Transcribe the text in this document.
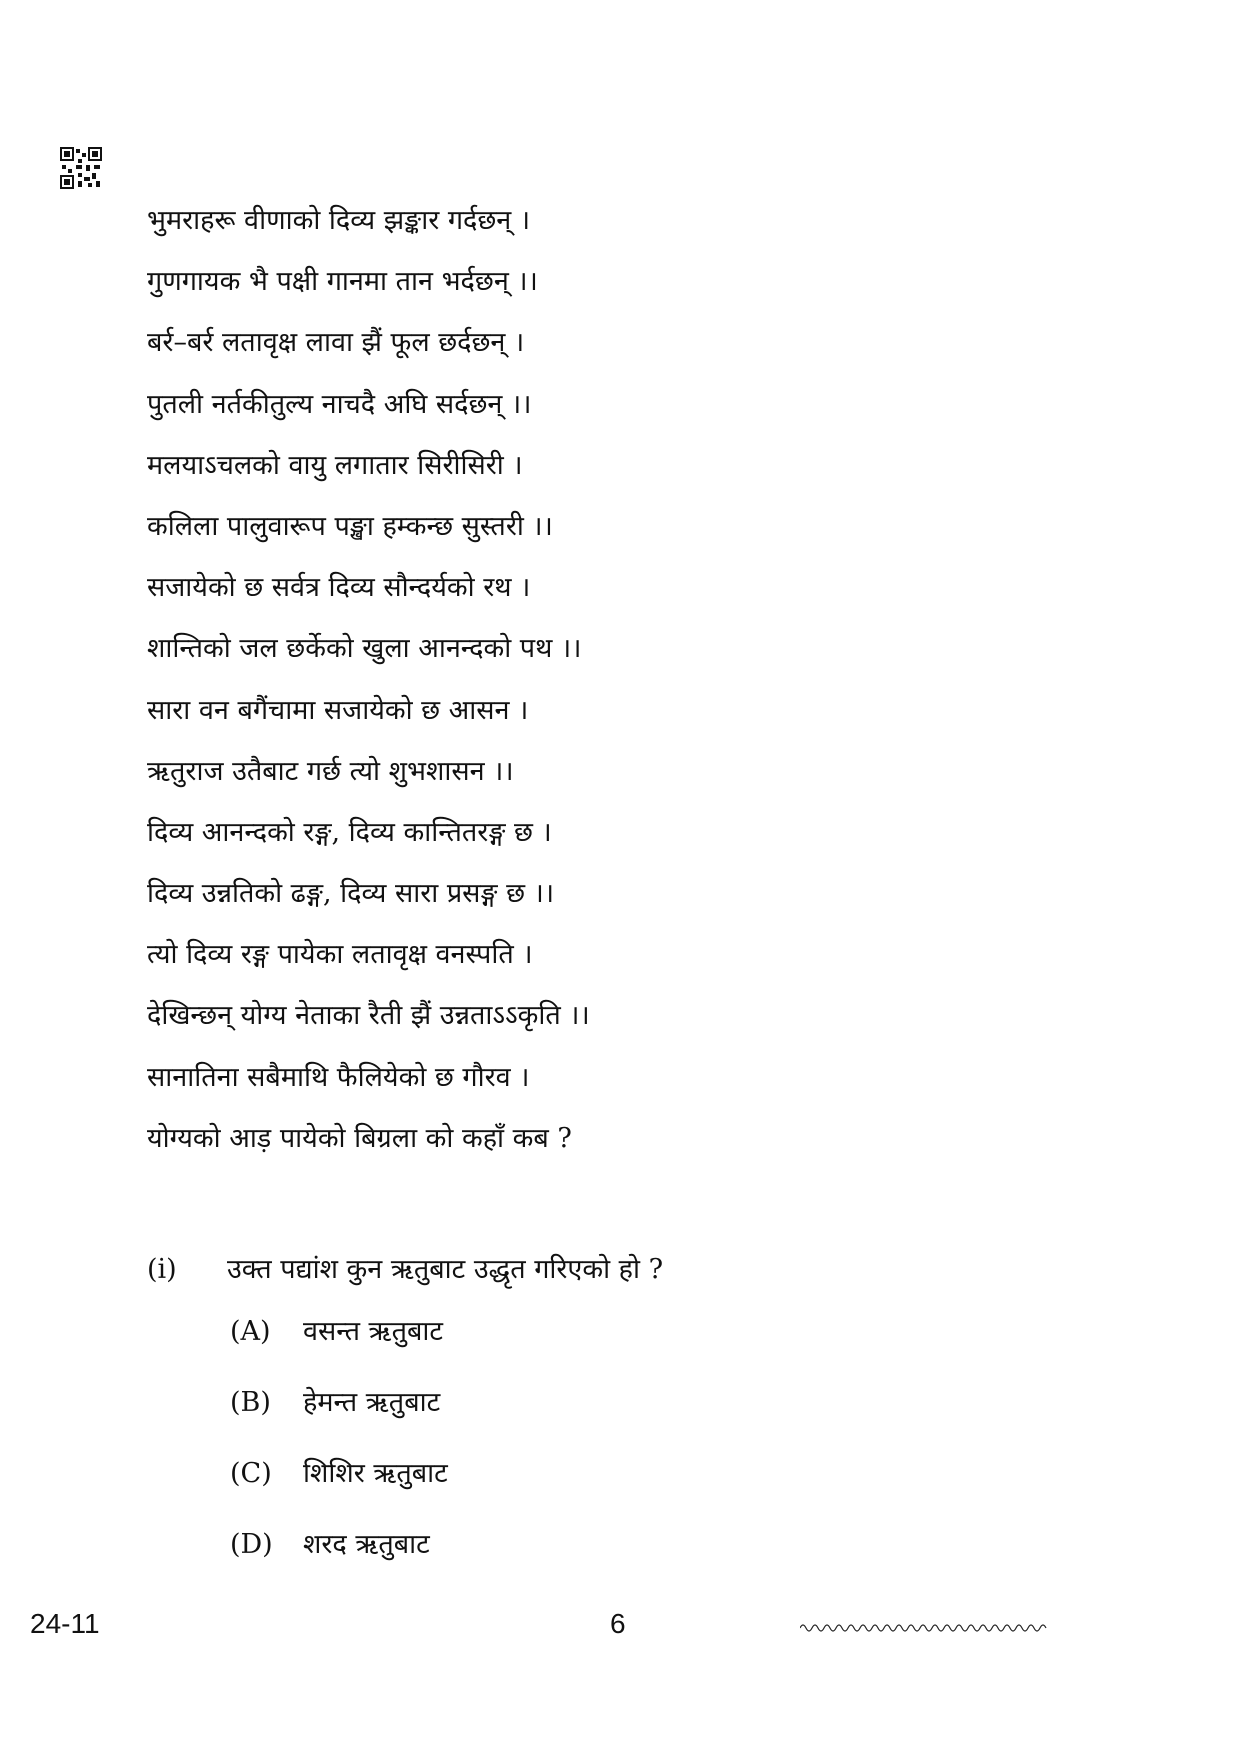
भुमराहरू वीणाको दिव्य झङ्कार गर्दछन् ।
गुणगायक भै पक्षी गानमा तान भर्दछन् ।।
बर्र–बर्र लतावृक्ष लावा झैं फूल छर्दछन् ।
पुतली नर्तकीतुल्य नाचदै अघि सर्दछन् ।।
मलयाऽचलको वायु लगातार सिरीसिरी ।
कलिला पालुवारूप पङ्खा हम्कन्छ सुस्तरी ।।
सजायेको छ सर्वत्र दिव्य सौन्दर्यको रथ ।
शान्तिको जल छर्केको खुला आनन्दको पथ ।।
सारा वन बगैंचामा सजायेको छ आसन ।
ऋतुराज उतैबाट गर्छ त्यो शुभशासन ।।
दिव्य आनन्दको रङ्ग, दिव्य कान्तितरङ्ग छ ।
दिव्य उन्नतिको ढङ्ग, दिव्य सारा प्रसङ्ग छ ।।
त्यो दिव्य रङ्ग पायेका लतावृक्ष वनस्पति ।
देखिन्छन् योग्य नेताका रैती झैं उन्नताऽऽकृति ।।
सानातिना सबैमाथि फैलियेको छ गौरव ।
योग्यको आड़ पायेको बिग्रला को कहाँ कब ?
(i) उक्त पद्यांश कुन ऋतुबाट उद्धृत गरिएको हो ?
(A) वसन्त ऋतुबाट
(B) हेमन्त ऋतुबाट
(C) शिशिर ऋतुबाट
(D) शरद ऋतुबाट
24-11	6
